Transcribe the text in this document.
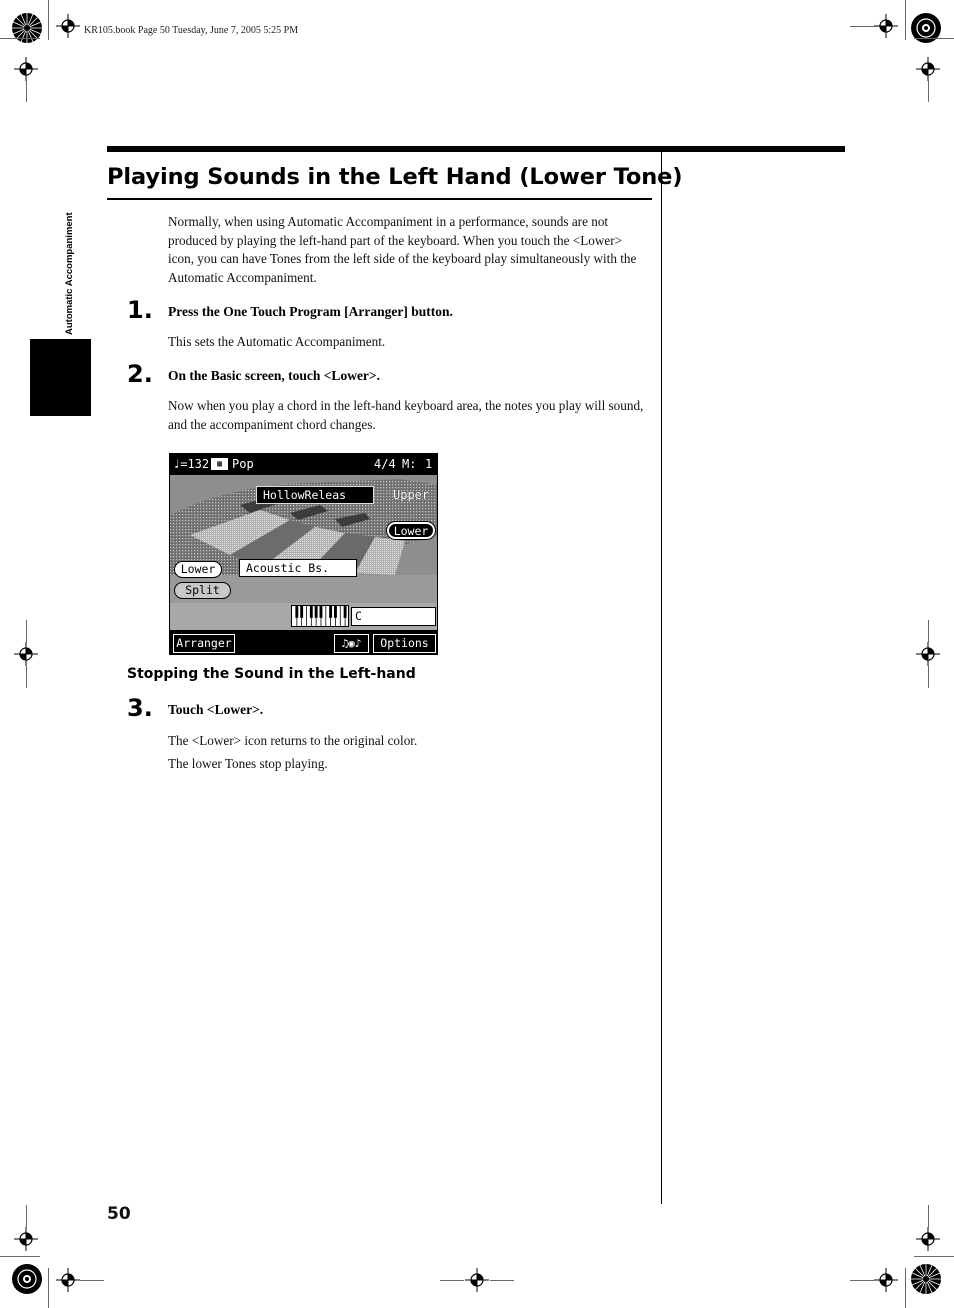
KR105.book Page 50 Tuesday, June 7, 2005 5:25 PM
Automatic Accompaniment
Playing Sounds in the Left Hand (Lower Tone)

Normally, when using Automatic Accompaniment in a performance, sounds are not produced by playing the left-hand part of the keyboard. When you touch the <Lower> icon, you can have Tones from the left side of the keyboard play simultaneously with the Automatic Accompaniment.

1. Press the One Touch Program [Arranger] button.

This sets the Automatic Accompaniment.

2. On the Basic screen, touch <Lower>.

Now when you play a chord in the left-hand keyboard area, the notes you play will sound, and the accompaniment chord changes.

♩=132 ▦ Pop	4/4 M: 1
HollowReleas	Upper
Lower
Lower	Acoustic Bs.
Split
C
Arranger	♫◉♪	Options
Stopping the Sound in the Left-hand
3. Touch <Lower>.

The <Lower> icon returns to the original color.

The lower Tones stop playing.

50
